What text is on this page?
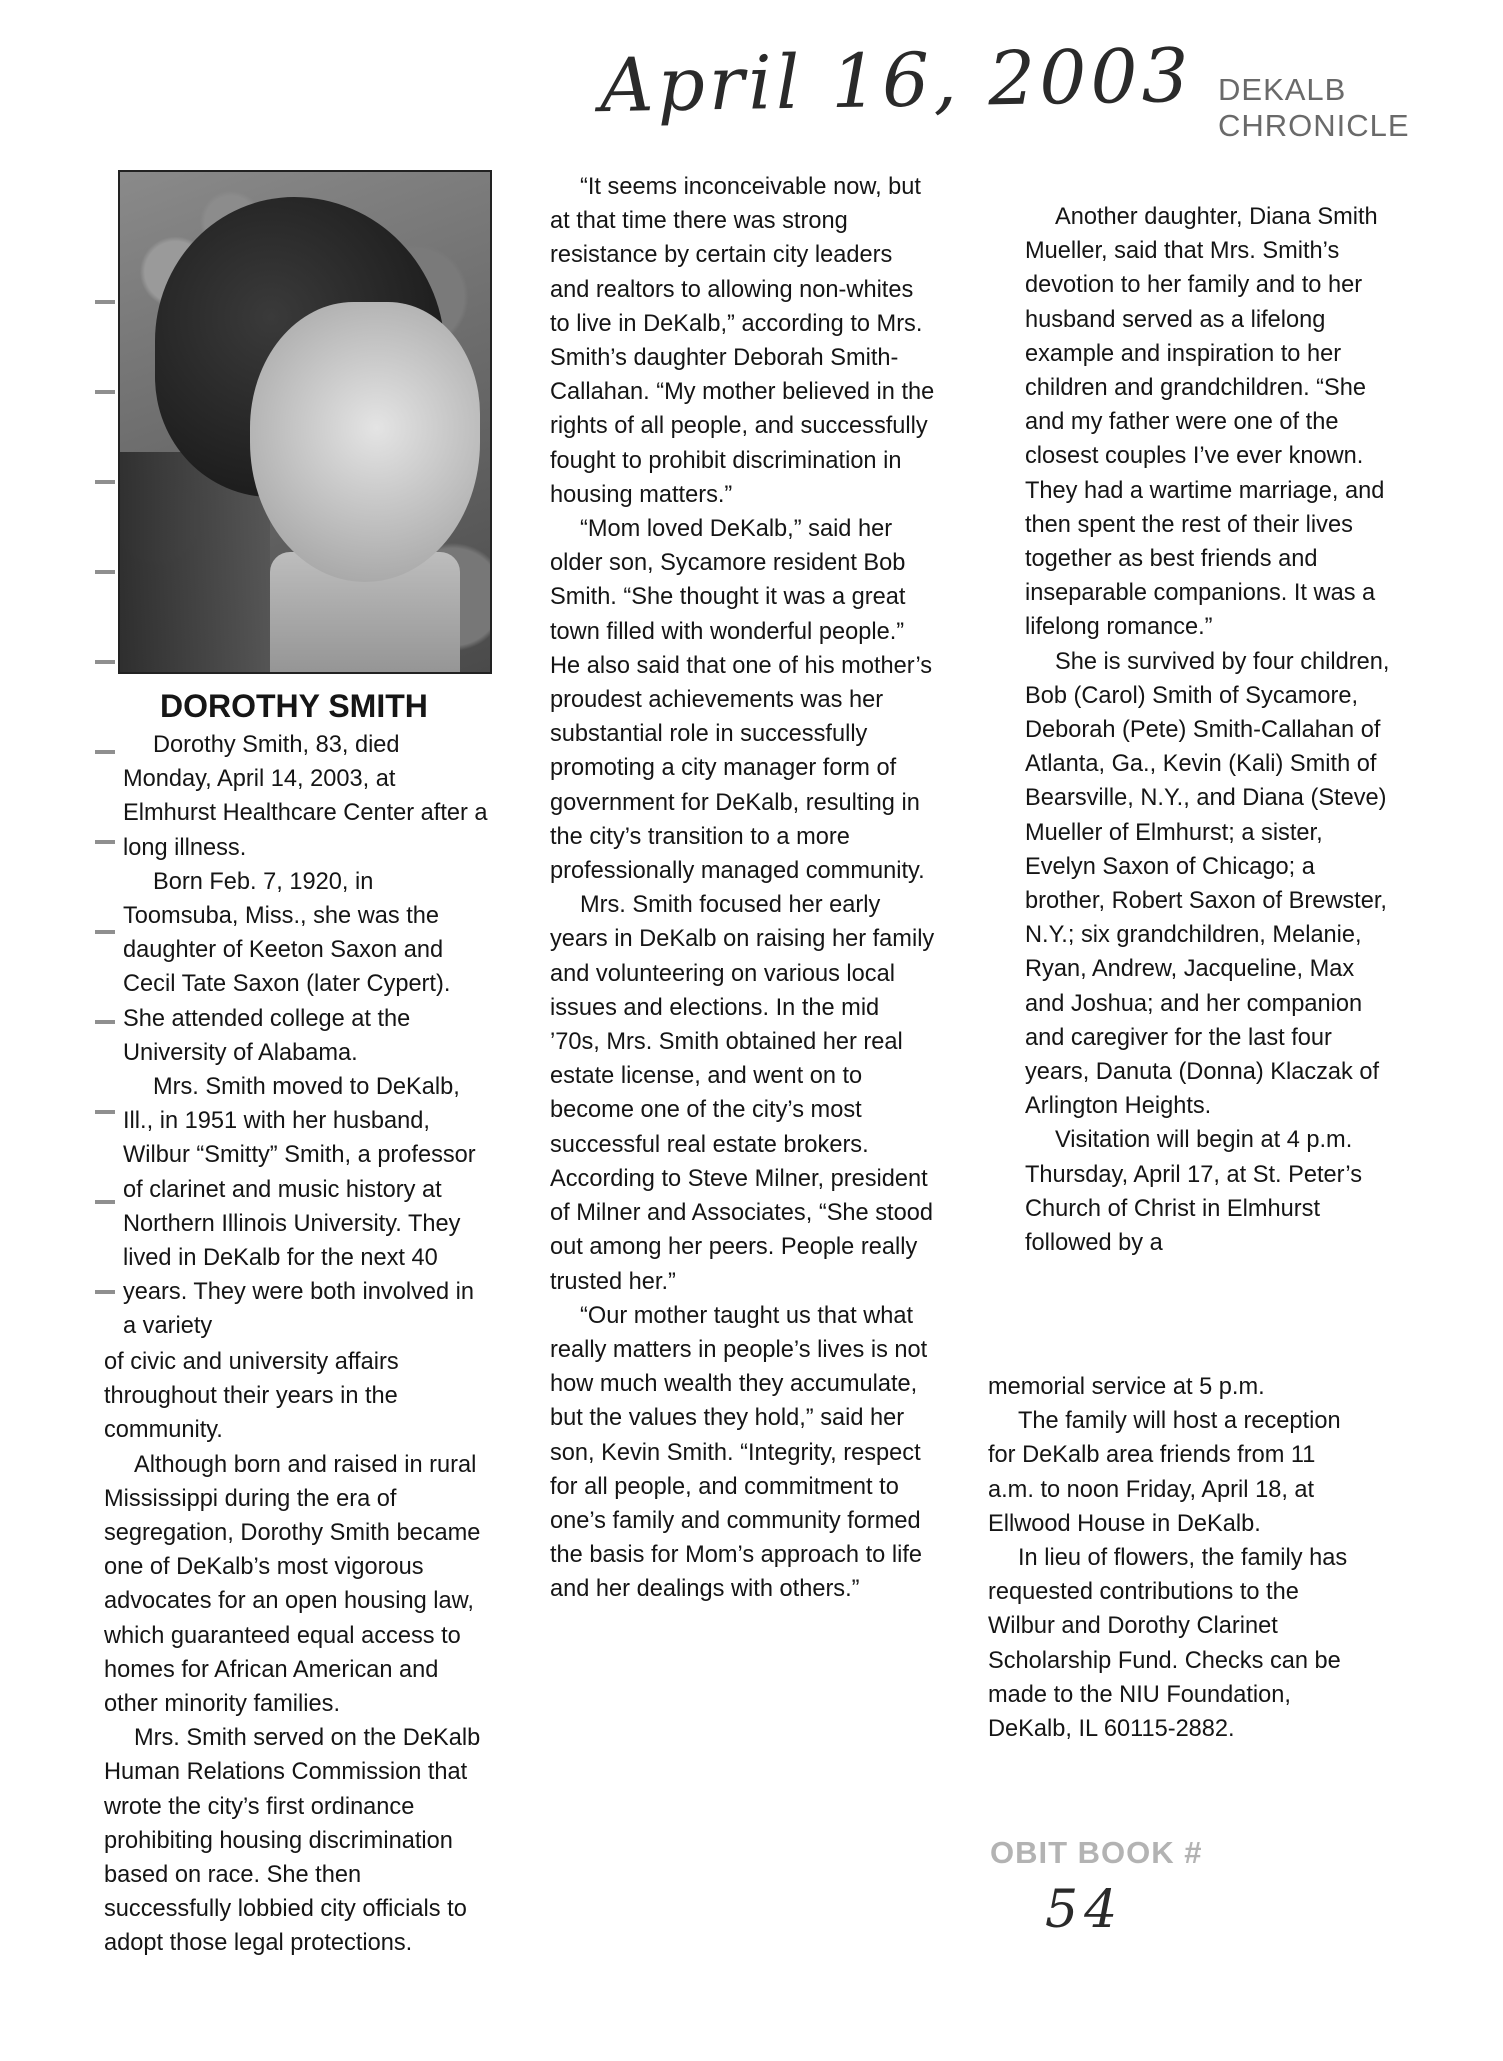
April 16, 2003 DEKALB CHRONICLE
DOROTHY SMITH

Dorothy Smith, 83, died Monday, April 14, 2003, at Elmhurst Healthcare Center after a long illness.

Born Feb. 7, 1920, in Toomsuba, Miss., she was the daughter of Keeton Saxon and Cecil Tate Saxon (later Cypert). She attended college at the University of Alabama.

Mrs. Smith moved to DeKalb, Ill., in 1951 with her husband, Wilbur “Smitty” Smith, a professor of clarinet and music history at Northern Illinois University. They lived in DeKalb for the next 40 years. They were both involved in a variety

of civic and university affairs throughout their years in the community.

Although born and raised in rural Mississippi during the era of segregation, Dorothy Smith became one of DeKalb’s most vigorous advocates for an open housing law, which guaranteed equal access to homes for African American and other minority families.

Mrs. Smith served on the DeKalb Human Relations Commission that wrote the city’s first ordinance prohibiting housing discrimination based on race. She then successfully lobbied city officials to adopt those legal protections.

“It seems inconceivable now, but at that time there was strong resistance by certain city leaders and realtors to allowing non-whites to live in DeKalb,” according to Mrs. Smith’s daughter Deborah Smith-Callahan. “My mother believed in the rights of all people, and successfully fought to prohibit discrimination in housing matters.”

“Mom loved DeKalb,” said her older son, Sycamore resident Bob Smith. “She thought it was a great town filled with wonderful people.” He also said that one of his mother’s proudest achievements was her substantial role in successfully promoting a city manager form of government for DeKalb, resulting in the city’s transition to a more professionally managed community.

Mrs. Smith focused her early years in DeKalb on raising her family and volunteering on various local issues and elections. In the mid ’70s, Mrs. Smith obtained her real estate license, and went on to become one of the city’s most successful real estate brokers. According to Steve Milner, president of Milner and Associates, “She stood out among her peers. People really trusted her.”

“Our mother taught us that what really matters in people’s lives is not how much wealth they accumulate, but the values they hold,” said her son, Kevin Smith. “Integrity, respect for all people, and commitment to one’s family and community formed the basis for Mom’s approach to life and her dealings with others.”

Another daughter, Diana Smith Mueller, said that Mrs. Smith’s devotion to her family and to her husband served as a lifelong example and inspiration to her children and grandchildren. “She and my father were one of the closest couples I’ve ever known. They had a wartime marriage, and then spent the rest of their lives together as best friends and inseparable companions. It was a lifelong romance.”

She is survived by four children, Bob (Carol) Smith of Sycamore, Deborah (Pete) Smith-Callahan of Atlanta, Ga., Kevin (Kali) Smith of Bearsville, N.Y., and Diana (Steve) Mueller of Elmhurst; a sister, Evelyn Saxon of Chicago; a brother, Robert Saxon of Brewster, N.Y.; six grandchildren, Melanie, Ryan, Andrew, Jacqueline, Max and Joshua; and her companion and caregiver for the last four years, Danuta (Donna) Klaczak of Arlington Heights.

Visitation will begin at 4 p.m. Thursday, April 17, at St. Peter’s Church of Christ in Elmhurst followed by a

memorial service at 5 p.m.

The family will host a reception for DeKalb area friends from 11 a.m. to noon Friday, April 18, at Ellwood House in DeKalb.

In lieu of flowers, the family has requested contributions to the Wilbur and Dorothy Clarinet Scholarship Fund. Checks can be made to the NIU Foundation, DeKalb, IL 60115-2882.

OBIT BOOK #
54
